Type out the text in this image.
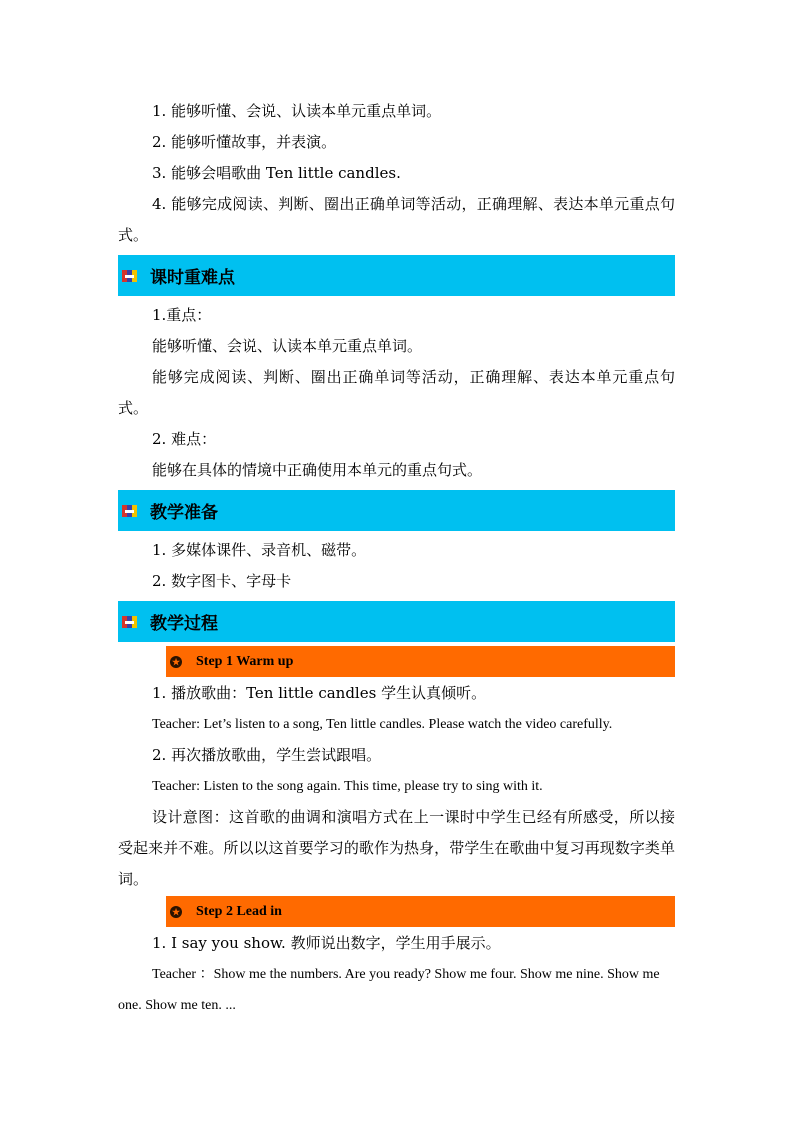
1. 能够听懂、会说、认读本单元重点单词。

2. 能够听懂故事，并表演。

3. 能够会唱歌曲 Ten little candles.

4. 能够完成阅读、判断、圈出正确单词等活动，正确理解、表达本单元重点句式。

课时重难点

1.重点：

能够听懂、会说、认读本单元重点单词。

能够完成阅读、判断、圈出正确单词等活动，正确理解、表达本单元重点句式。

2. 难点：

能够在具体的情境中正确使用本单元的重点句式。

教学准备

1. 多媒体课件、录音机、磁带。

2. 数字图卡、字母卡

教学过程
★ Step 1 Warm up

1. 播放歌曲：Ten little candles 学生认真倾听。

Teacher: Let’s listen to a song, Ten little candles. Please watch the video carefully.

2. 再次播放歌曲，学生尝试跟唱。

Teacher: Listen to the song again. This time, please try to sing with it.

设计意图：这首歌的曲调和演唱方式在上一课时中学生已经有所感受，所以接受起来并不难。所以以这首要学习的歌作为热身，带学生在歌曲中复习再现数字类单词。

★ Step 2 Lead in

1. I say you show. 教师说出数字，学生用手展示。

Teacher ：Show me the numbers. Are you ready? Show me four. Show me nine. Show me one. Show me ten. ...
